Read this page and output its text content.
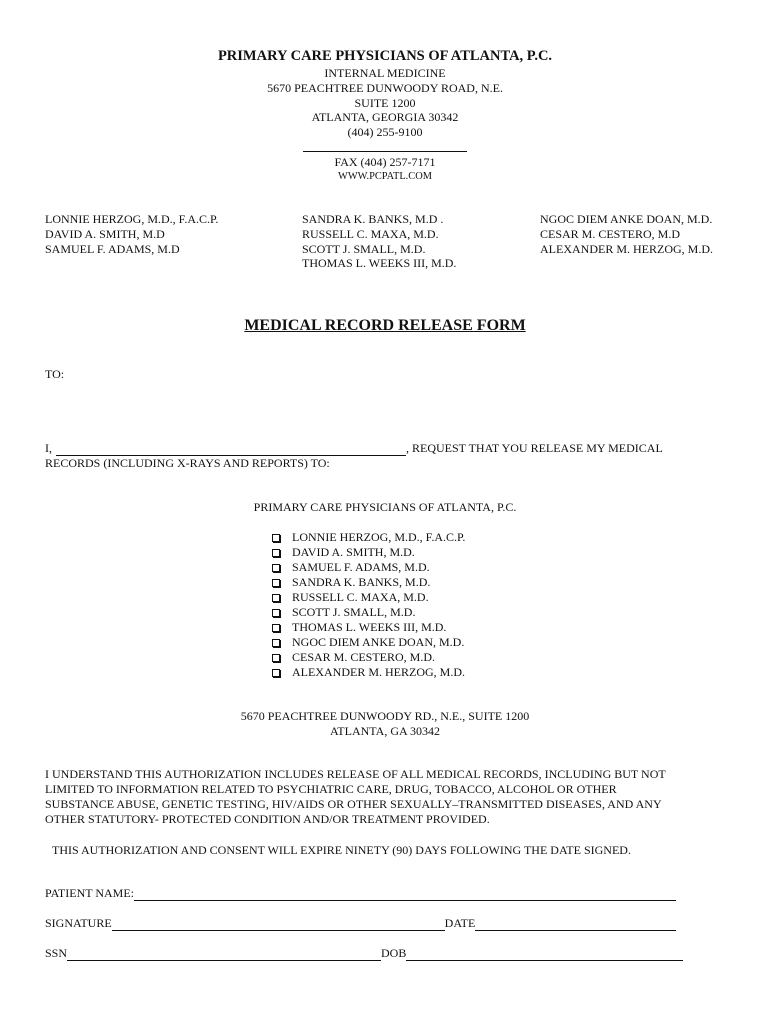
PRIMARY CARE PHYSICIANS OF ATLANTA, P.C.
INTERNAL MEDICINE
5670 PEACHTREE DUNWOODY ROAD, N.E.
SUITE 1200
ATLANTA, GEORGIA 30342
(404) 255-9100
FAX (404) 257-7171
WWW.PCPATL.COM
LONNIE HERZOG, M.D., F.A.C.P.
DAVID A. SMITH, M.D
SAMUEL F. ADAMS, M.D
SANDRA K. BANKS, M.D .
RUSSELL C. MAXA, M.D.
SCOTT J. SMALL, M.D.
THOMAS L. WEEKS III, M.D.
NGOC DIEM ANKE DOAN, M.D.
CESAR M. CESTERO, M.D
ALEXANDER M. HERZOG, M.D.
MEDICAL RECORD RELEASE FORM
TO:
I,	, REQUEST THAT YOU RELEASE MY MEDICAL
RECORDS (INCLUDING X-RAYS AND REPORTS) TO:
PRIMARY CARE PHYSICIANS OF ATLANTA, P.C.
LONNIE HERZOG, M.D., F.A.C.P.
DAVID A. SMITH, M.D.
SAMUEL F. ADAMS, M.D.
SANDRA K. BANKS, M.D.
RUSSELL C. MAXA, M.D.
SCOTT J. SMALL, M.D.
THOMAS L. WEEKS III, M.D.
NGOC DIEM ANKE DOAN, M.D.
CESAR M. CESTERO, M.D.
ALEXANDER M. HERZOG, M.D.
5670 PEACHTREE DUNWOODY RD., N.E., SUITE 1200
ATLANTA, GA 30342
I UNDERSTAND THIS AUTHORIZATION INCLUDES RELEASE OF ALL MEDICAL RECORDS, INCLUDING BUT NOT
LIMITED TO INFORMATION RELATED TO PSYCHIATRIC CARE, DRUG, TOBACCO, ALCOHOL OR OTHER
SUBSTANCE ABUSE, GENETIC TESTING, HIV/AIDS OR OTHER SEXUALLY–TRANSMITTED DISEASES, AND ANY
OTHER STATUTORY- PROTECTED CONDITION AND/OR TREATMENT PROVIDED.
THIS AUTHORIZATION AND CONSENT WILL EXPIRE NINETY (90) DAYS FOLLOWING THE DATE SIGNED.
PATIENT NAME:
SIGNATURE	DATE
SSN	DOB
